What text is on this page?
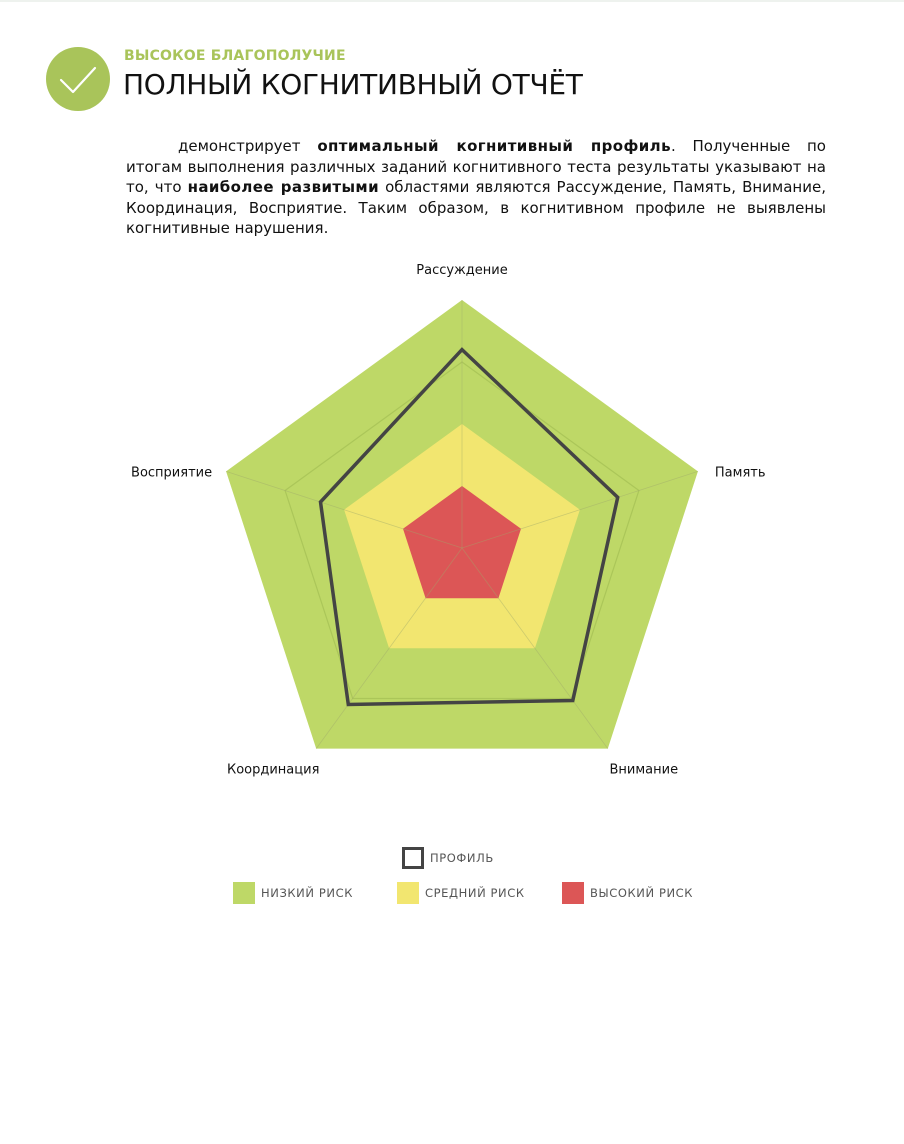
ВЫСОКОЕ БЛАГОПОЛУЧИЕ
ПОЛНЫЙ КОГНИТИВНЫЙ ОТЧЁТ
демонстрирует оптимальный когнитивный профиль. Полученные по итогам выполнения различных заданий когнитивного теста результаты указывают на то, что наиболее развитыми областями являются Рассуждение, Память, Внимание, Координация, Восприятие. Таким образом, в когнитивном профиле не выявлены когнитивные нарушения.
Рассуждение
Память
Внимание
Координация
Восприятие
ПРОФИЛЬ
НИЗКИЙ РИСК	СРЕДНИЙ РИСК	ВЫСОКИЙ РИСК
